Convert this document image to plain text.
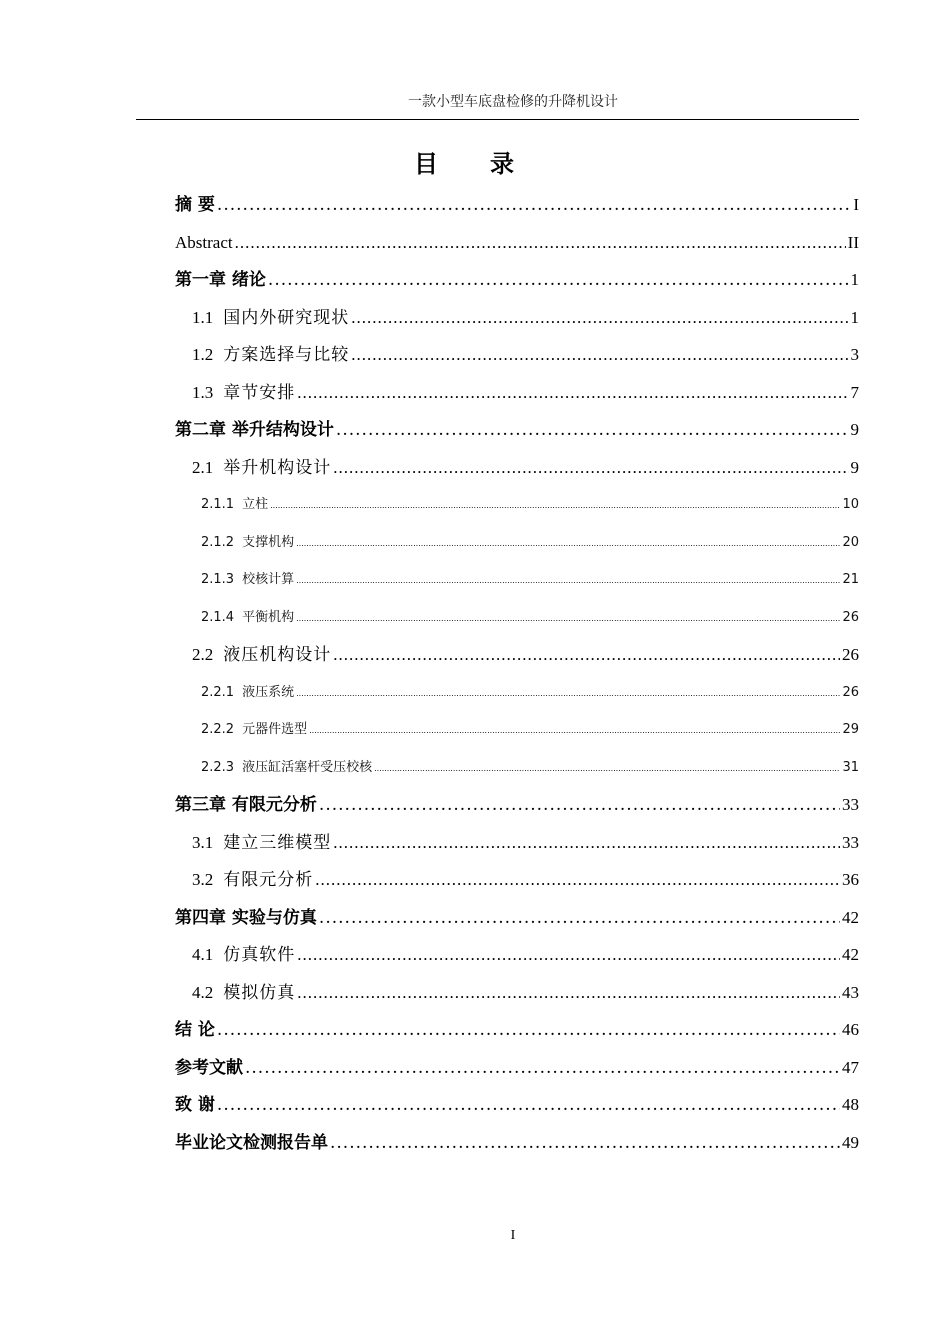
一款小型车底盘检修的升降机设计
目录
摘 要 .....	I
Abstract .....	II
第一章 绪论 .....	1
1.1 国内外研究现状 .....	1
1.2 方案选择与比较 .....	3
1.3 章节安排 .....	7
第二章 举升结构设计 .....	9
2.1 举升机构设计 .....	9
2.1.1 立柱 .....	10
2.1.2 支撑机构 .....	20
2.1.3 校核计算 .....	21
2.1.4 平衡机构 .....	26
2.2 液压机构设计 .....	26
2.2.1 液压系统 .....	26
2.2.2 元器件选型 .....	29
2.2.3 液压缸活塞杆受压校核 .....	31
第三章 有限元分析 .....	33
3.1 建立三维模型 .....	33
3.2 有限元分析 .....	36
第四章 实验与仿真 .....	42
4.1 仿真软件 .....	42
4.2 模拟仿真 .....	43
结 论 .....	46
参考文献 .....	47
致 谢 .....	48
毕业论文检测报告单 .....	49
I
